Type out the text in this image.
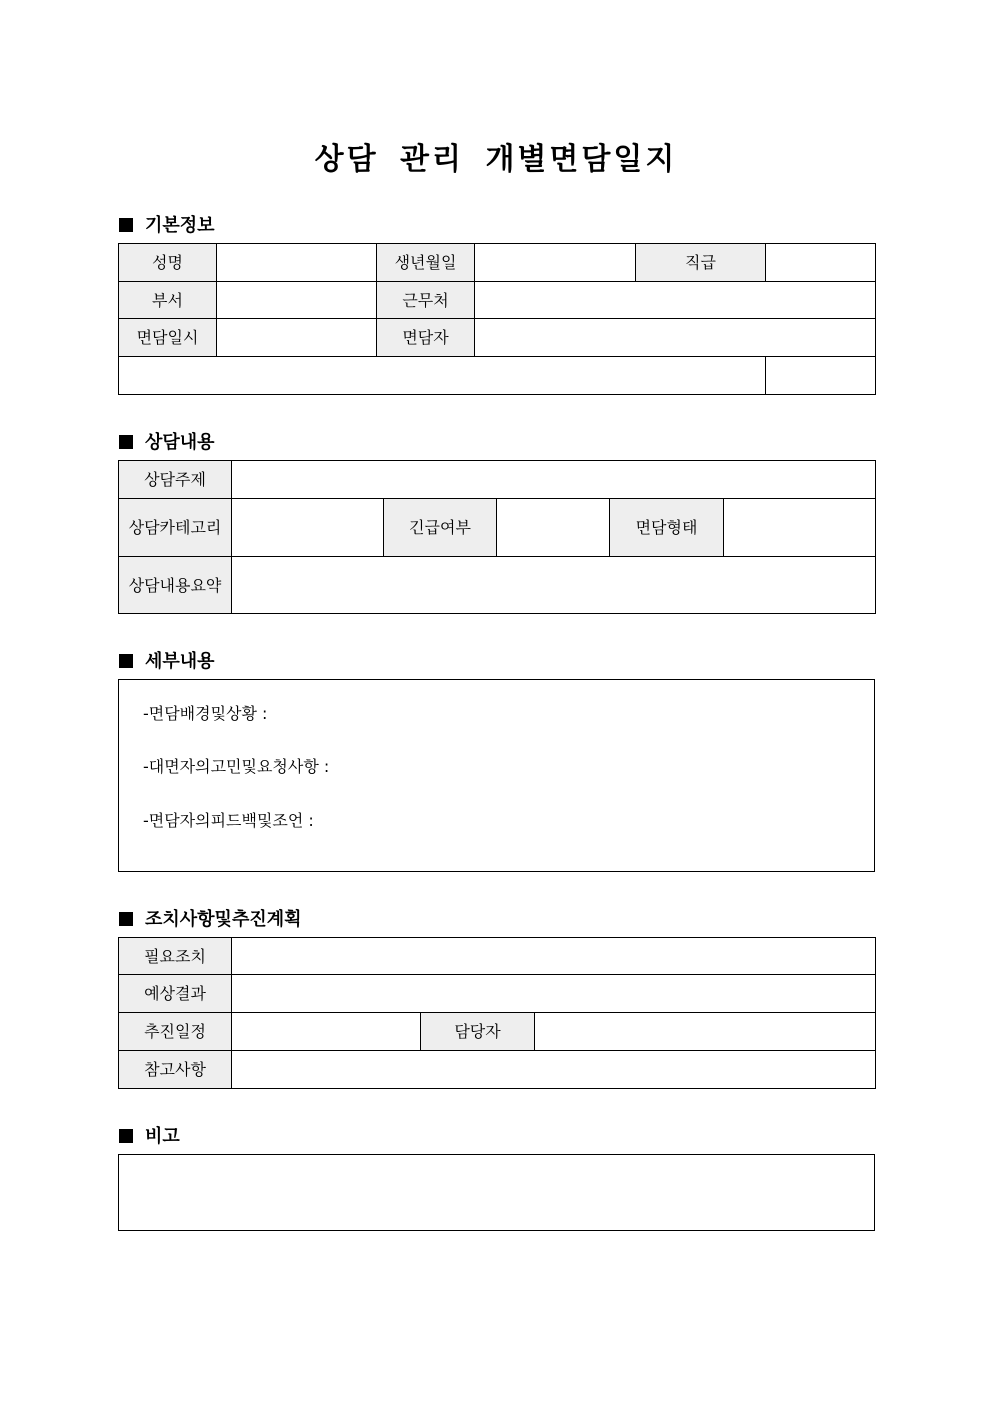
상담 관리 개별면담일지
기본정보
성명		생년월일		직급	
부서		근무처			
면담일시		면담자			

상담내용
상담주제					
상담카테고리		긴급여부		면담형태	
상담내용요약					
세부내용
-면담배경및상황 :
-대면자의고민및요청사항 :
-면담자의피드백및조언 :
조치사항및추진계획
필요조치			
예상결과			
추진일정		담당자	
참고사항			
비고
